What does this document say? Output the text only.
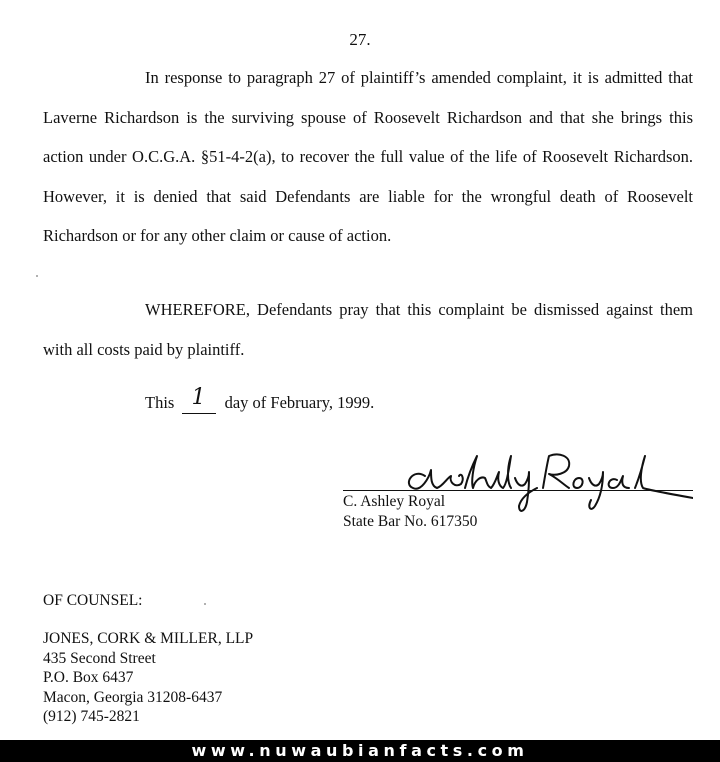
27.
In response to paragraph 27 of plaintiff’s amended complaint, it is admitted that Laverne Richardson is the surviving spouse of Roosevelt Richardson and that she brings this action under O.C.G.A. §51-4-2(a), to recover the full value of the life of Roosevelt Richardson. However, it is denied that said Defendants are liable for the wrongful death of Roosevelt Richardson or for any other claim or cause of action.
WHEREFORE, Defendants pray that this complaint be dismissed against them with all costs paid by plaintiff.
This 1 day of February, 1999.
C. Ashley Royal
State Bar No. 617350
OF COUNSEL:
JONES, CORK & MILLER, LLP
435 Second Street
P.O. Box 6437
Macon, Georgia 31208-6437
(912) 745-2821
www.nuwaubianfacts.com
